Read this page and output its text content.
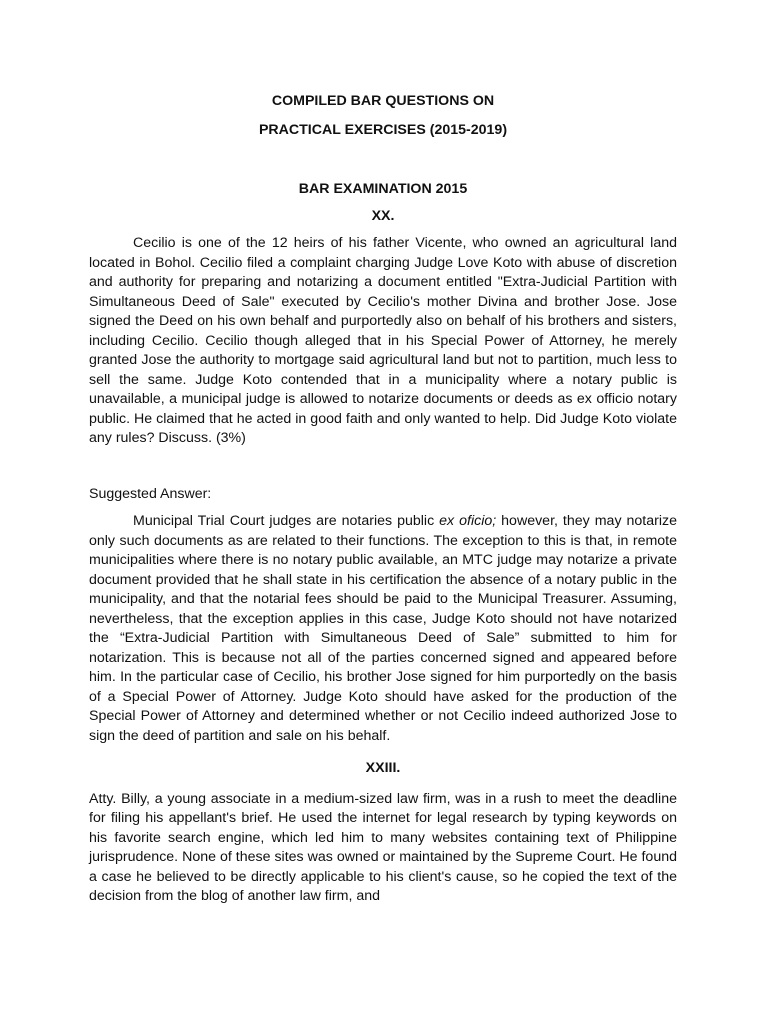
COMPILED BAR QUESTIONS ON

PRACTICAL EXERCISES (2015-2019)

BAR EXAMINATION 2015

XX.

Cecilio is one of the 12 heirs of his father Vicente, who owned an agricultural land located in Bohol. Cecilio filed a complaint charging Judge Love Koto with abuse of discretion and authority for preparing and notarizing a document entitled "Extra-Judicial Partition with Simultaneous Deed of Sale" executed by Cecilio's mother Divina and brother Jose. Jose signed the Deed on his own behalf and purportedly also on behalf of his brothers and sisters, including Cecilio. Cecilio though alleged that in his Special Power of Attorney, he merely granted Jose the authority to mortgage said agricultural land but not to partition, much less to sell the same. Judge Koto contended that in a municipality where a notary public is unavailable, a municipal judge is allowed to notarize documents or deeds as ex officio notary public. He claimed that he acted in good faith and only wanted to help. Did Judge Koto violate any rules? Discuss. (3%)

Suggested Answer:

Municipal Trial Court judges are notaries public ex oficio; however, they may notarize only such documents as are related to their functions. The exception to this is that, in remote municipalities where there is no notary public available, an MTC judge may notarize a private document provided that he shall state in his certification the absence of a notary public in the municipality, and that the notarial fees should be paid to the Municipal Treasurer. Assuming, nevertheless, that the exception applies in this case, Judge Koto should not have notarized the “Extra-Judicial Partition with Simultaneous Deed of Sale” submitted to him for notarization. This is because not all of the parties concerned signed and appeared before him. In the particular case of Cecilio, his brother Jose signed for him purportedly on the basis of a Special Power of Attorney. Judge Koto should have asked for the production of the Special Power of Attorney and determined whether or not Cecilio indeed authorized Jose to sign the deed of partition and sale on his behalf.

XXIII.

Atty. Billy, a young associate in a medium-sized law firm, was in a rush to meet the deadline for filing his appellant's brief. He used the internet for legal research by typing keywords on his favorite search engine, which led him to many websites containing text of Philippine jurisprudence. None of these sites was owned or maintained by the Supreme Court. He found a case he believed to be directly applicable to his client's cause, so he copied the text of the decision from the blog of another law firm, and
